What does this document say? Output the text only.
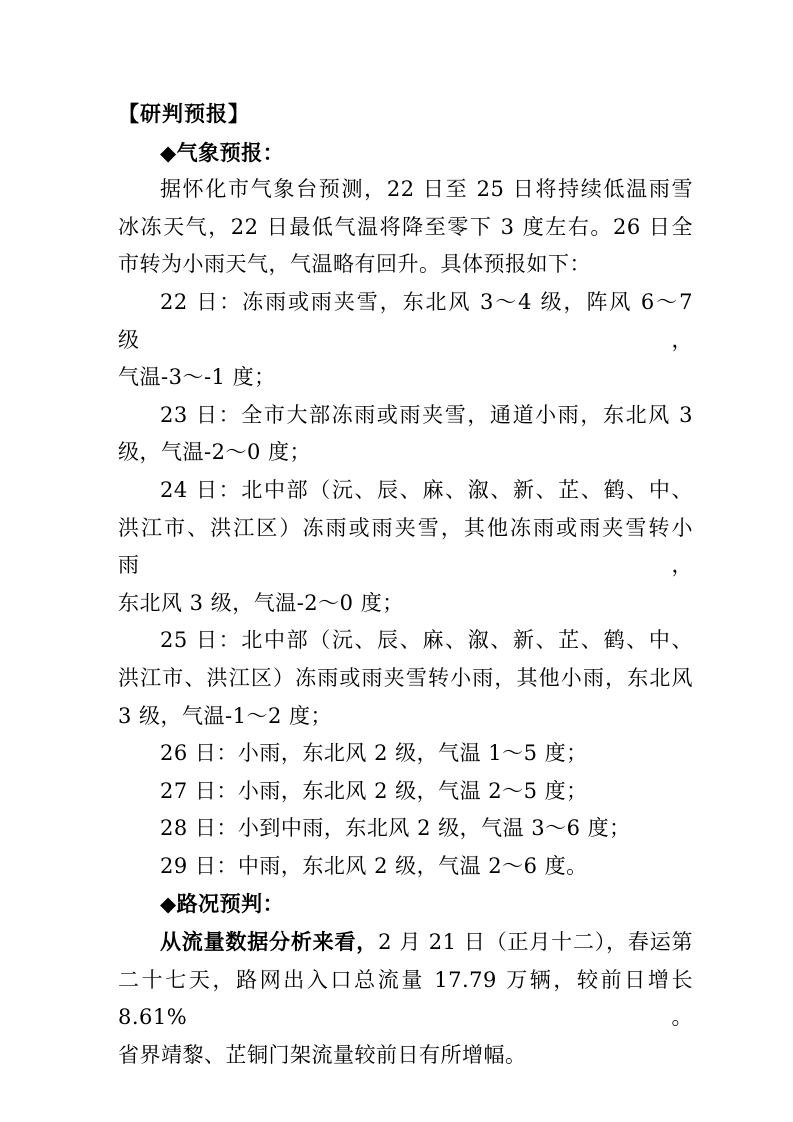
【研判预报】
◆气象预报：
据怀化市气象台预测，22 日至 25 日将持续低温雨雪
冰冻天气，22 日最低气温将降至零下 3 度左右。26 日全
市转为小雨天气，气温略有回升。具体预报如下：
22 日：冻雨或雨夹雪，东北风 3～4 级，阵风 6～7 级，
气温-3～-1 度；
23 日：全市大部冻雨或雨夹雪，通道小雨，东北风 3
级，气温-2～0 度；
24 日：北中部（沅、辰、麻、溆、新、芷、鹤、中、
洪江市、洪江区）冻雨或雨夹雪，其他冻雨或雨夹雪转小雨，
东北风 3 级，气温-2～0 度；
25 日：北中部（沅、辰、麻、溆、新、芷、鹤、中、
洪江市、洪江区）冻雨或雨夹雪转小雨，其他小雨，东北风
3 级，气温-1～2 度；
26 日：小雨，东北风 2 级，气温 1～5 度；
27 日：小雨，东北风 2 级，气温 2～5 度；
28 日：小到中雨，东北风 2 级，气温 3～6 度；
29 日：中雨，东北风 2 级，气温 2～6 度。
◆路况预判：
从流量数据分析来看，2 月 21 日（正月十二），春运第
二十七天，路网出入口总流量 17.79 万辆，较前日增长 8.61%。
省界靖黎、芷铜门架流量较前日有所增幅。
